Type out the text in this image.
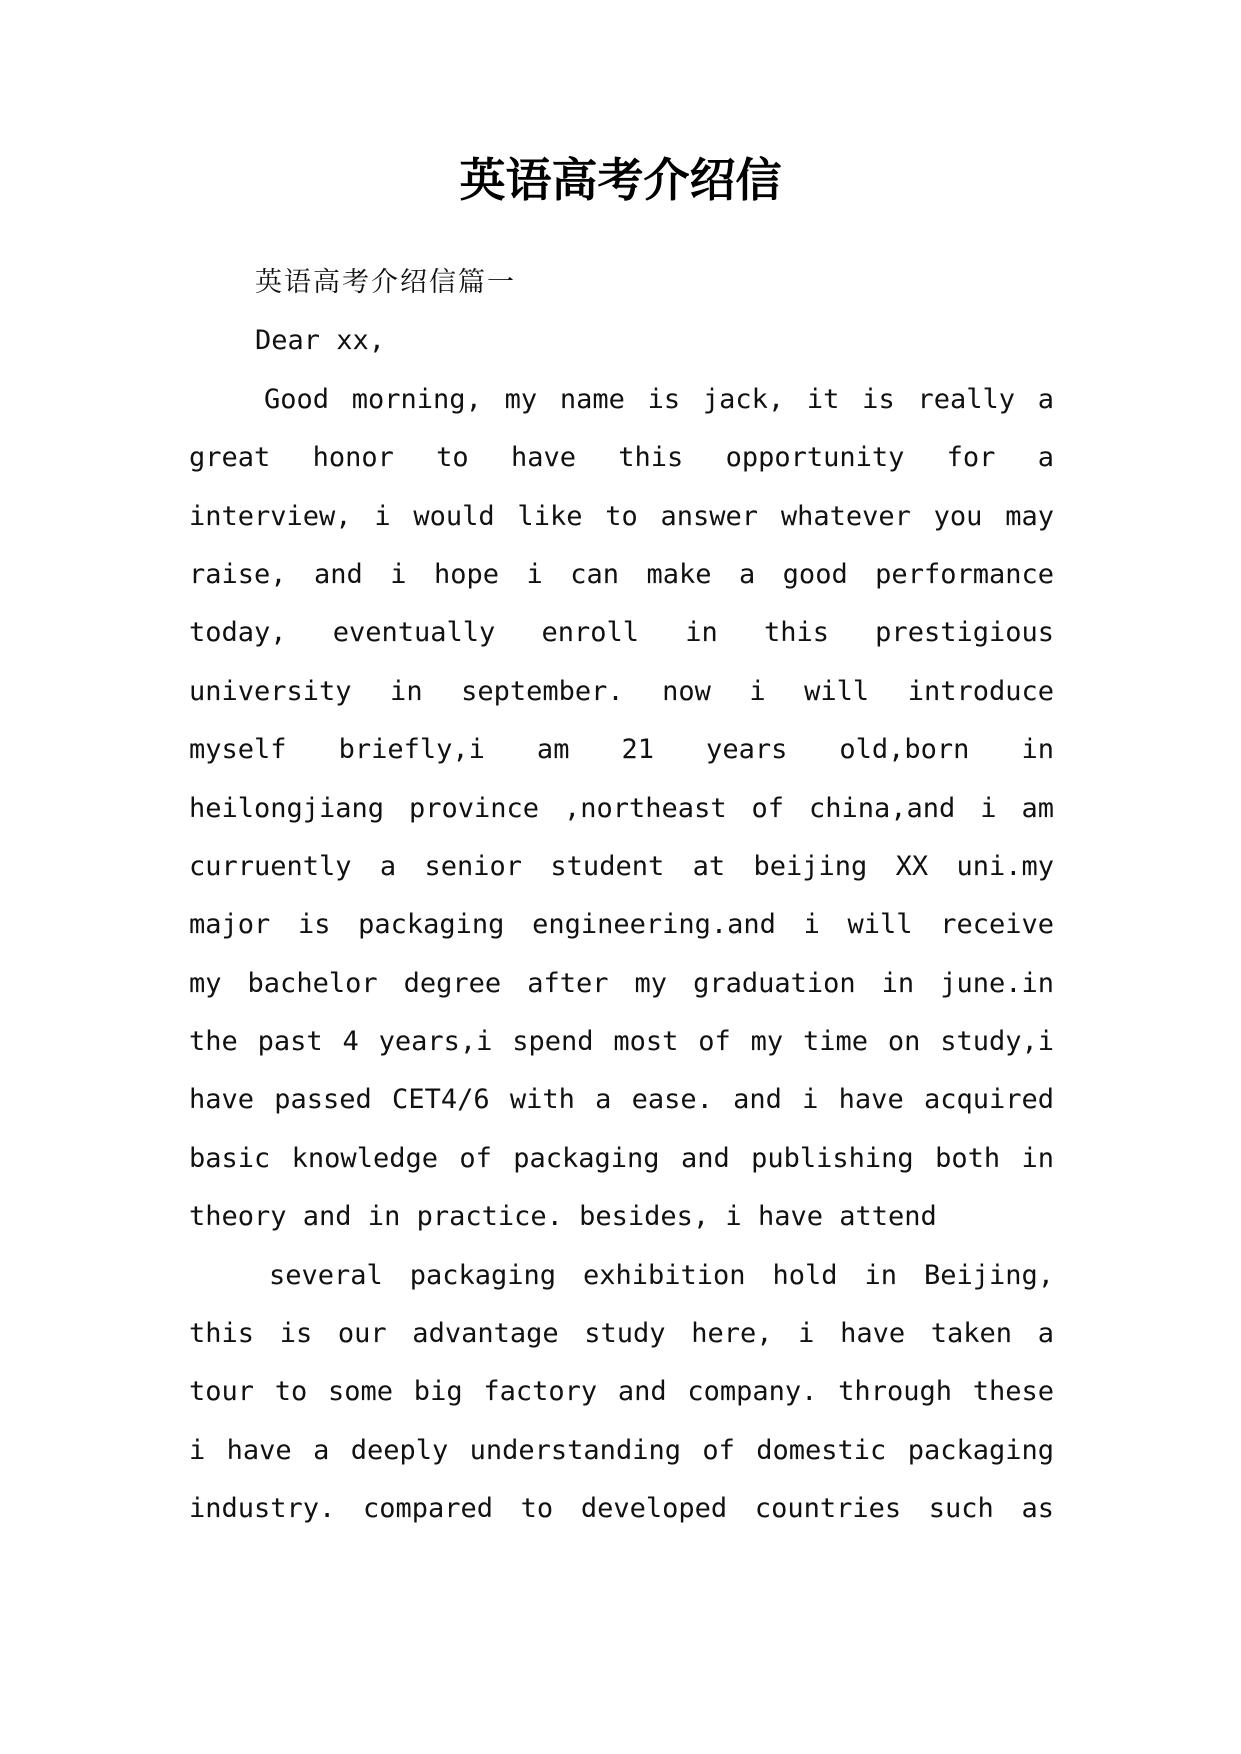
英语高考介绍信
英语高考介绍信篇一
Dear xx,
Good morning, my name is jack, it is really a
great honor to have this opportunity for a
interview, i would like to answer whatever you may
raise, and i hope i can make a good performance
today, eventually enroll in this prestigious
university in september. now i will introduce
myself briefly,i am 21 years old,born in
heilongjiang province ,northeast of china,and i am
curruently a senior student at beijing XX uni.my
major is packaging engineering.and i will receive
my bachelor degree after my graduation in june.in
the past 4 years,i spend most of my time on study,i
have passed CET4/6 with a ease. and i have acquired
basic knowledge of packaging and publishing both in
theory and in practice. besides, i have attend
several packaging exhibition hold in Beijing,
this is our advantage study here, i have taken a
tour to some big factory and company. through these
i have a deeply understanding of domestic packaging
industry. compared to developed countries such as
